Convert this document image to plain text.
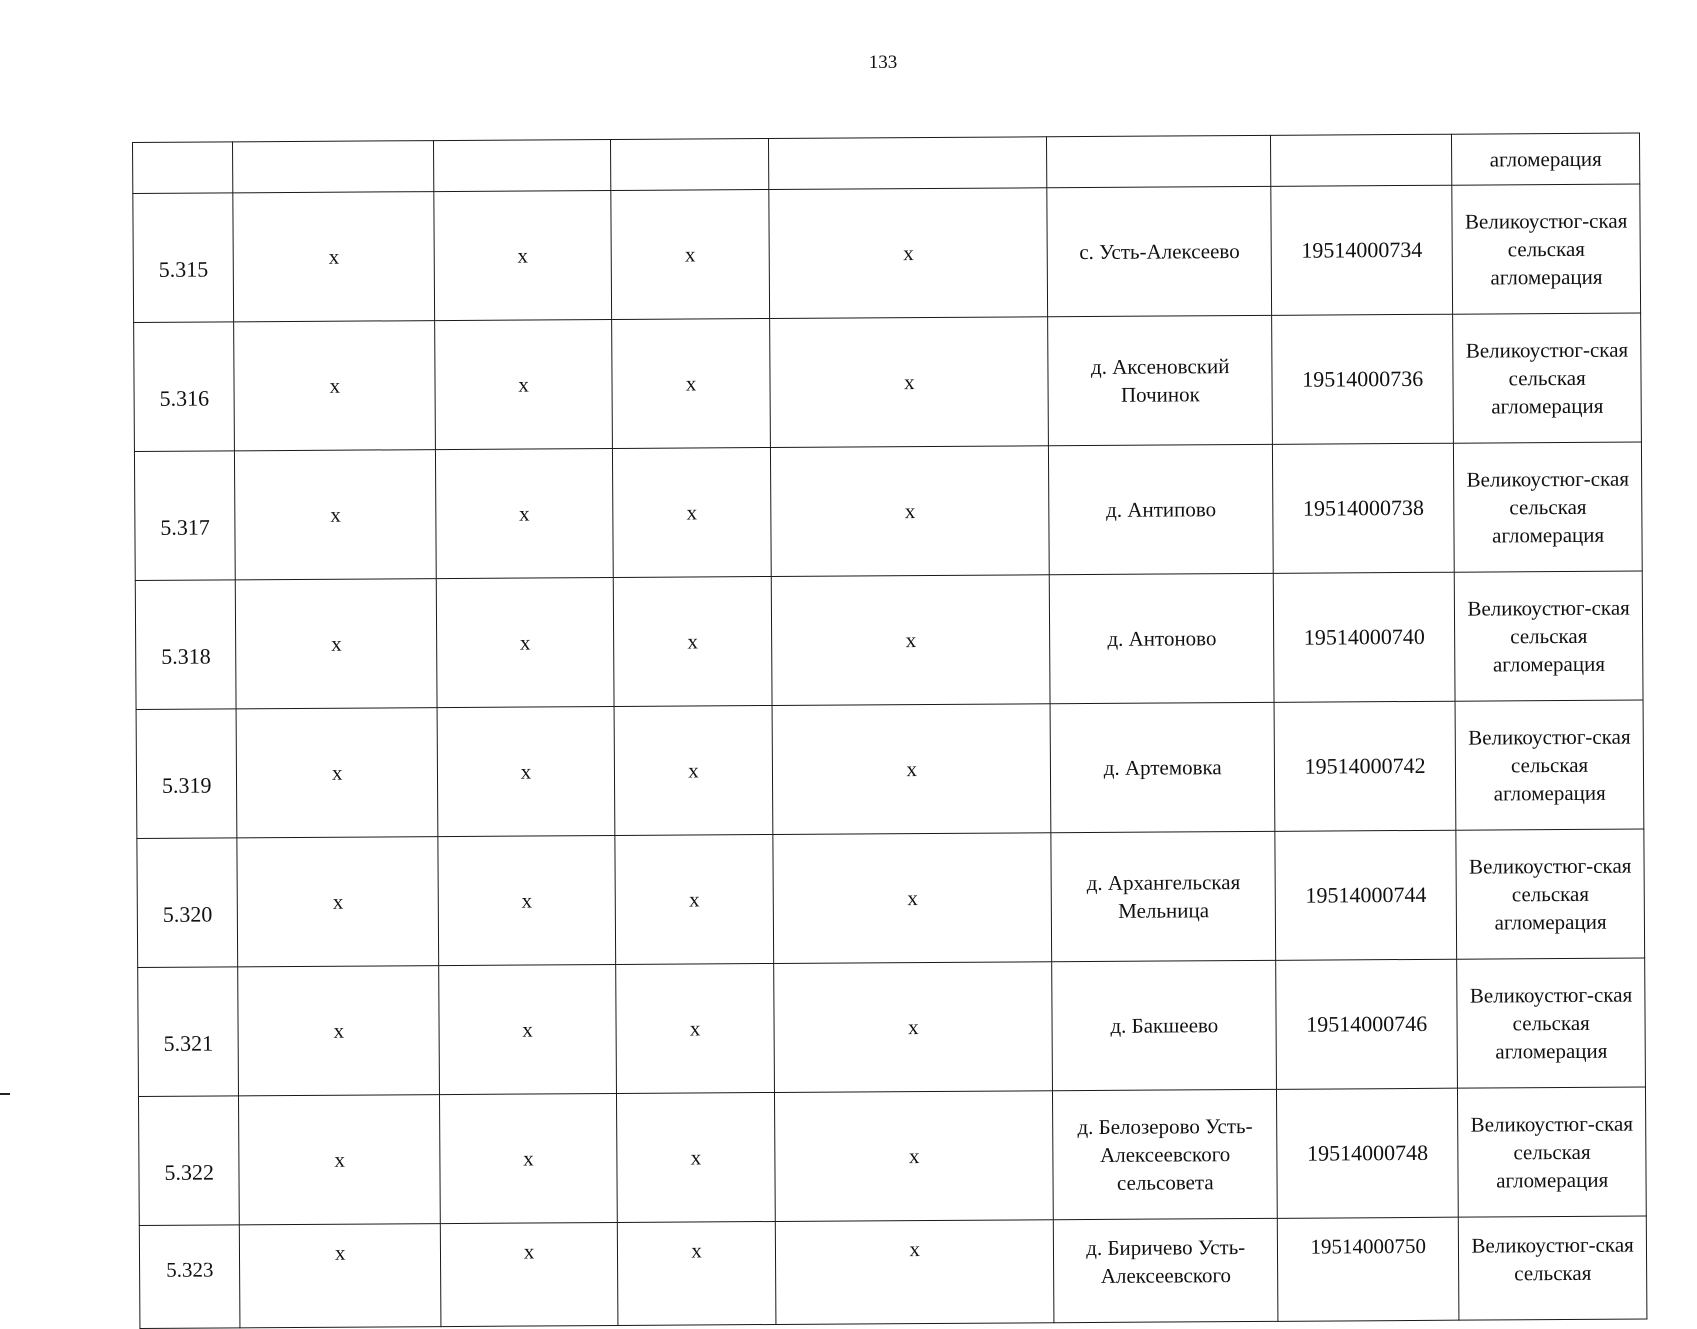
133
							агломерация
5.315	х	х	х	х	с. Усть-Алексеево	19514000734	Великоустюг-ская сельская агломерация
5.316	х	х	х	х	д. Аксеновский Починок	19514000736	Великоустюг-ская сельская агломерация
5.317	х	х	х	х	д. Антипово	19514000738	Великоустюг-ская сельская агломерация
5.318	х	х	х	х	д. Антоново	19514000740	Великоустюг-ская сельская агломерация
5.319	х	х	х	х	д. Артемовка	19514000742	Великоустюг-ская сельская агломерация
5.320	х	х	х	х	д. Архангельская Мельница	19514000744	Великоустюг-ская сельская агломерация
5.321	х	х	х	х	д. Бакшеево	19514000746	Великоустюг-ская сельская агломерация
5.322	х	х	х	х	д. Белозерово Усть-Алексеевского сельсовета	19514000748	Великоустюг-ская сельская агломерация
5.323	х	х	х	х	д. Биричево Усть-Алексеевского	19514000750	Великоустюг-ская сельская
